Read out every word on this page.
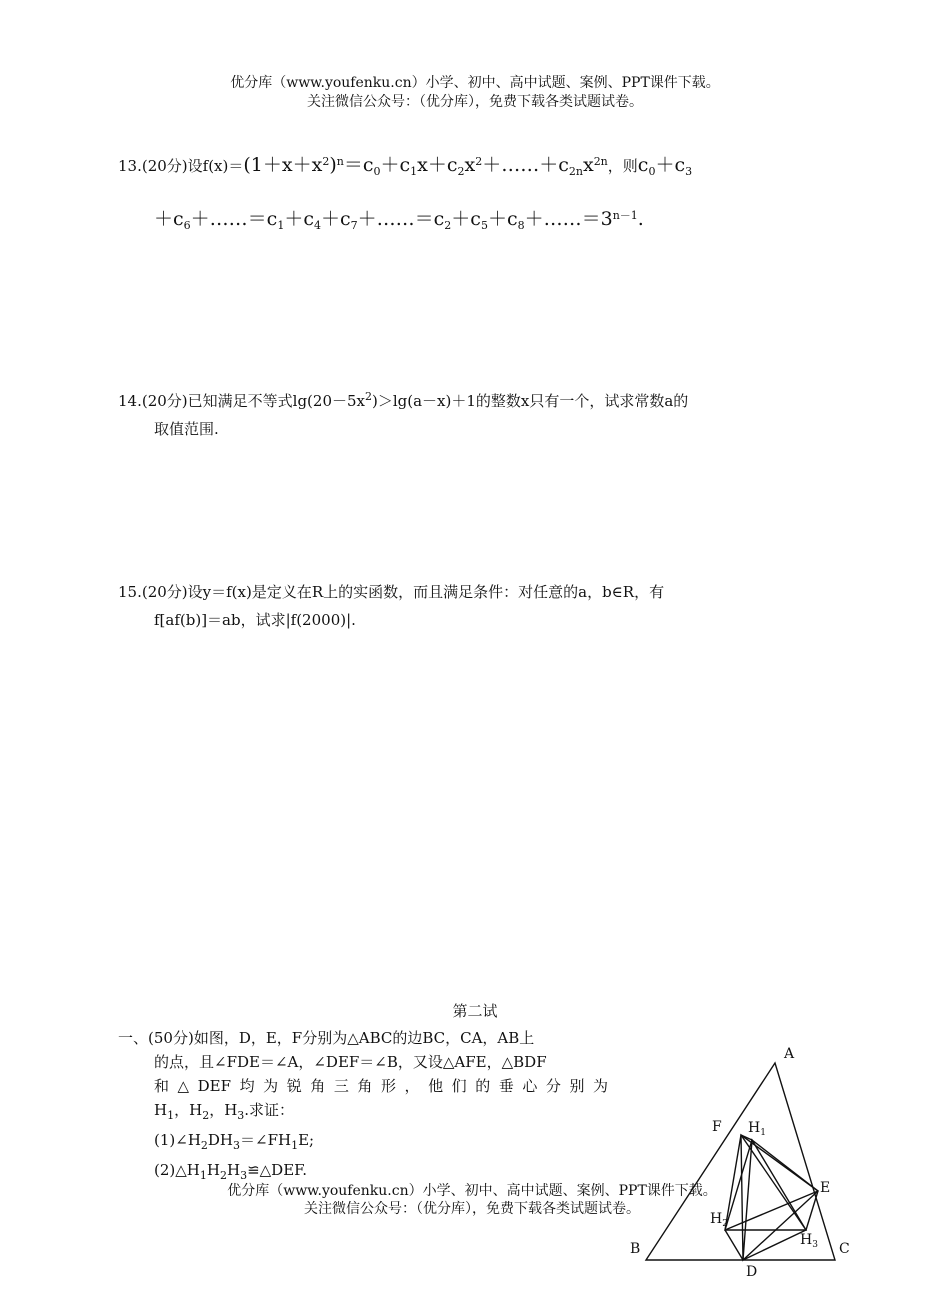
优分库（www.youfenku.cn）小学、初中、高中试题、案例、PPT课件下载。
关注微信公众号：（优分库），免费下载各类试题试卷。
13.(20分)设$f(x)=(1+x+x^2)^n=c_0+c_1x+c_2x^2+\dots\dots+c_{2n}x^{2n}$，则$c_0+c_3$
$+c_6+\dots\dots=c_1+c_4+c_7+\dots\dots=c_2+c_5+c_8+\dots\dots=3^{n-1}$.
14.(20分)已知满足不等式$\lg(20-5x^2)>\lg(a-x)+1$的整数x只有一个，试求常数a的
取值范围.
15.(20分)设y＝f(x)是定义在R上的实函数，而且满足条件：对任意的a，b∈R，有
f[af(b)]＝ab，试求|f(2000)|.
第二试
一、(50分)如图，D，E，F分别为△ABC的边BC，CA，AB上
的点，且∠FDE＝∠A，∠DEF＝∠B，又设△AFE，△BDF
和△DEF均为锐角三角形，他们的垂心分别为
$H_1$，$H_2$，$H_3$.求证：
$(1)\angle H_2DH_3=\angle FH_1E$;
$(2)\triangle H_1H_2H_3≌\triangle DEF$.
A
B	C
D
E
F $H_1$
$H_2$
$H_3$
优分库（www.youfenku.cn）小学、初中、高中试题、案例、PPT课件下载。
关注微信公众号：（优分库），免费下载各类试题试卷。
